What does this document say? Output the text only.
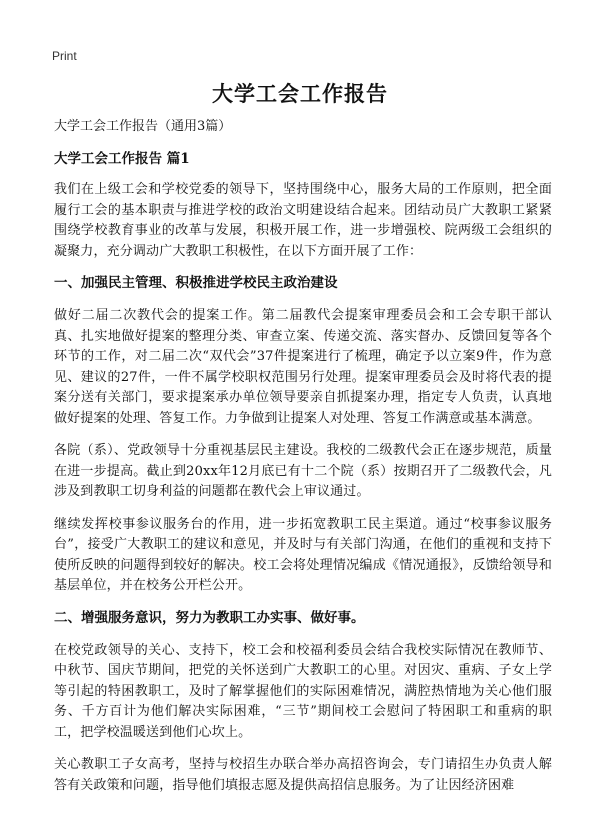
Print
大学工会工作报告

大学工会工作报告（通用3篇）

大学工会工作报告 篇1

我们在上级工会和学校党委的领导下，坚持围绕中心，服务大局的工作原则，把全面履行工会的基本职责与推进学校的政治文明建设结合起来。团结动员广大教职工紧紧围绕学校教育事业的改革与发展，积极开展工作，进一步增强校、院两级工会组织的凝聚力，充分调动广大教职工积极性，在以下方面开展了工作：

一、加强民主管理、积极推进学校民主政治建设

做好二届二次教代会的提案工作。第二届教代会提案审理委员会和工会专职干部认真、扎实地做好提案的整理分类、审查立案、传递交流、落实督办、反馈回复等各个环节的工作，对二届二次“双代会”37件提案进行了梳理，确定予以立案9件，作为意见、建议的27件，一件不属学校职权范围另行处理。提案审理委员会及时将代表的提案分送有关部门，要求提案承办单位领导要亲自抓提案办理，指定专人负责，认真地做好提案的处理、答复工作。力争做到让提案人对处理、答复工作满意或基本满意。

各院（系）、党政领导十分重视基层民主建设。我校的二级教代会正在逐步规范，质量在进一步提高。截止到20xx年12月底已有十二个院（系）按期召开了二级教代会，凡涉及到教职工切身利益的问题都在教代会上审议通过。

继续发挥校事参议服务台的作用，进一步拓宽教职工民主渠道。通过“校事参议服务台”，接受广大教职工的建议和意见，并及时与有关部门沟通，在他们的重视和支持下使所反映的问题得到较好的解决。校工会将处理情况编成《情况通报》，反馈给领导和基层单位，并在校务公开栏公开。

二、增强服务意识，努力为教职工办实事、做好事。

在校党政领导的关心、支持下，校工会和校福利委员会结合我校实际情况在教师节、中秋节、国庆节期间，把党的关怀送到广大教职工的心里。对因灾、重病、子女上学等引起的特困教职工，及时了解掌握他们的实际困难情况，满腔热情地为关心他们服务、千方百计为他们解决实际困难，“三节”期间校工会慰问了特困职工和重病的职工，把学校温暖送到他们心坎上。

关心教职工子女高考，坚持与校招生办联合举办高招咨询会，专门请招生办负责人解答有关政策和问题，指导他们填报志愿及提供高招信息服务。为了让因经济困难
